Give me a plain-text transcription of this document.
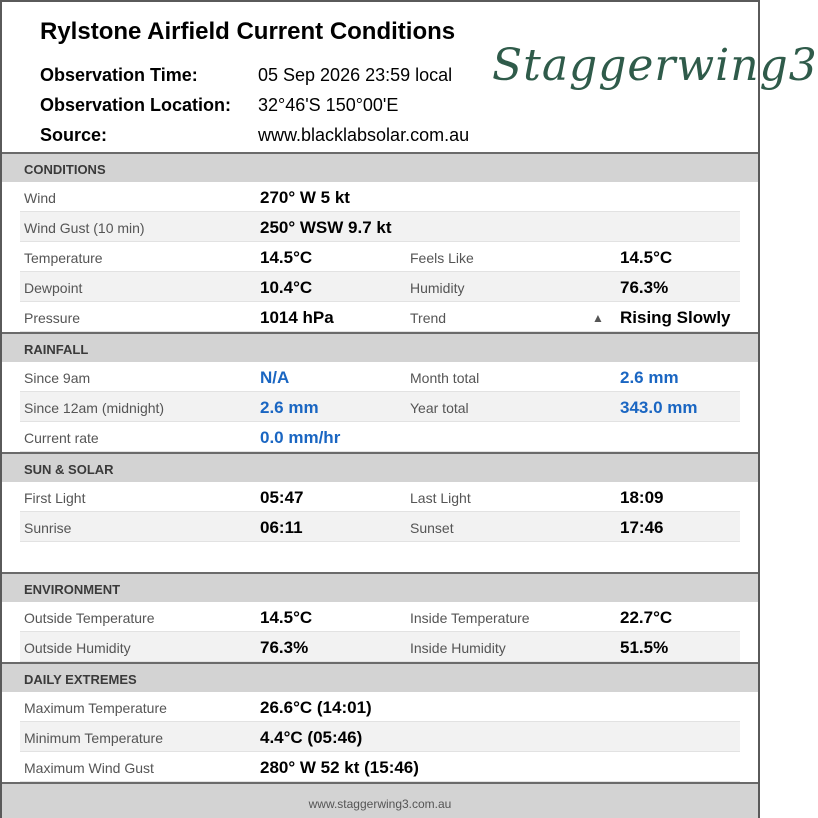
Rylstone Airfield Current Conditions
Observation Time:	05 Sep 2026 23:59 local
Observation Location: 32°46'S 150°00'E
Source:	www.blacklabsolar.com.au
Staggerwing3
CONDITIONS
Wind	270° W 5 kt
Wind Gust (10 min)	250° WSW 9.7 kt
Temperature	14.5°C	Feels Like	14.5°C
Dewpoint	10.4°C	Humidity	76.3%
Pressure	1014 hPa	Trend	▲ Rising Slowly
RAINFALL
Since 9am	N/A	Month total	2.6 mm
Since 12am (midnight)	2.6 mm	Year total	343.0 mm
Current rate	0.0 mm/hr
SUN & SOLAR
First Light	05:47	Last Light	18:09
Sunrise	06:11	Sunset	17:46
ENVIRONMENT
Outside Temperature	14.5°C	Inside Temperature	22.7°C
Outside Humidity	76.3%	Inside Humidity	51.5%
DAILY EXTREMES
Maximum Temperature	26.6°C (14:01)
Minimum Temperature	4.4°C (05:46)
Maximum Wind Gust	280° W 52 kt (15:46)
$_{www.staggerwing3.com.au}$
